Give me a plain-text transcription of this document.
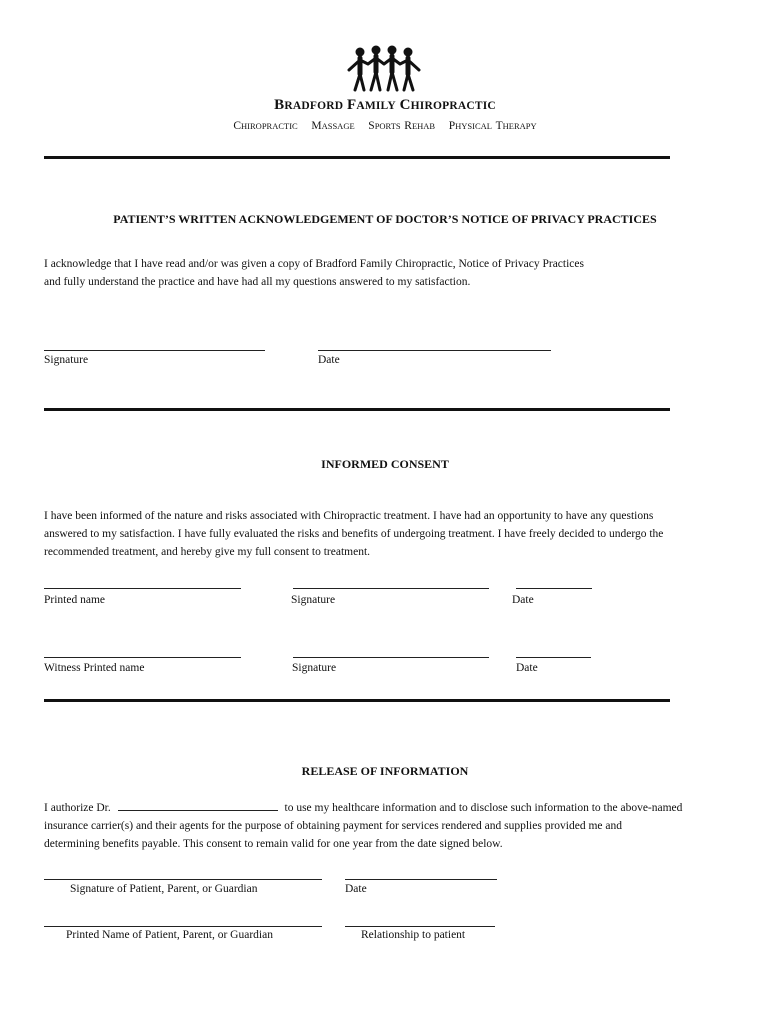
BRADFORD FAMILY CHIROPRACTIC
CHIROPRACTIC MASSAGE SPORTS REHAB PHYSICAL THERAPY
PATIENT’S WRITTEN ACKNOWLEDGEMENT OF DOCTOR’S NOTICE OF PRIVACY PRACTICES
I acknowledge that I have read and/or was given a copy of Bradford Family Chiropractic, Notice of Privacy Practices
and fully understand the practice and have had all my questions answered to my satisfaction.
Signature	Date
INFORMED CONSENT
I have been informed of the nature and risks associated with Chiropractic treatment. I have had an opportunity to have any questions
answered to my satisfaction. I have fully evaluated the risks and benefits of undergoing treatment. I have freely decided to undergo the
recommended treatment, and hereby give my full consent to treatment.
Printed name	Signature	Date
Witness Printed name	Signature	Date
RELEASE OF INFORMATION
I authorize Dr.	to use my healthcare information and to disclose such information to the above-named
insurance carrier(s) and their agents for the purpose of obtaining payment for services rendered and supplies provided me and
determining benefits payable. This consent to remain valid for one year from the date signed below.
Signature of Patient, Parent, or Guardian	Date
Printed Name of Patient, Parent, or Guardian	Relationship to patient
